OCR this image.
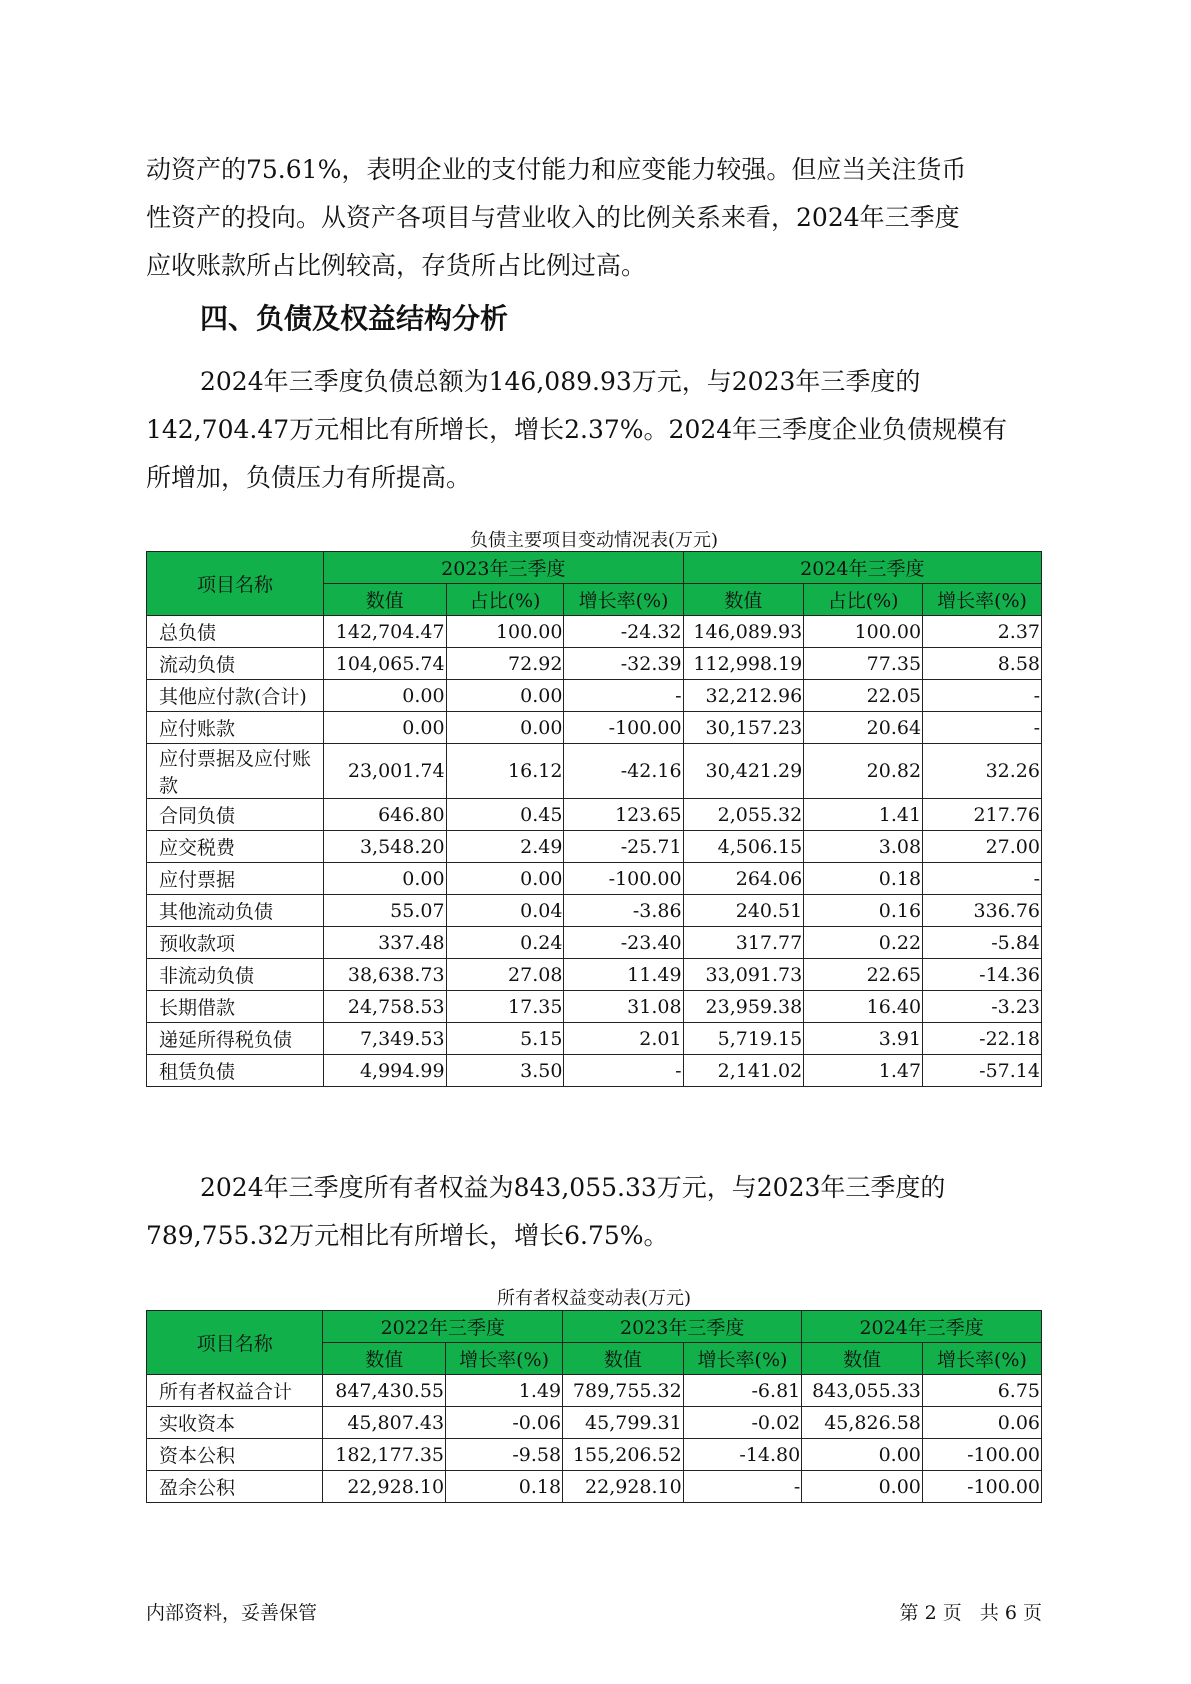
动资产的75.61%，表明企业的支付能力和应变能力较强。但应当关注货币
性资产的投向。从资产各项目与营业收入的比例关系来看，2024年三季度
应收账款所占比例较高，存货所占比例过高。
四、负债及权益结构分析
2024年三季度负债总额为146,089.93万元，与2023年三季度的
142,704.47万元相比有所增长，增长2.37%。2024年三季度企业负债规模有
所增加，负债压力有所提高。
负债主要项目变动情况表(万元)
项目名称	2023年三季度			2024年三季度		
	数值	占比(%)	增长率(%)	数值	占比(%)	增长率(%)
总负债	142,704.47	100.00	-24.32	146,089.93	100.00	2.37
流动负债	104,065.74	72.92	-32.39	112,998.19	77.35	8.58
其他应付款(合计)	0.00	0.00	-	32,212.96	22.05	-
应付账款	0.00	0.00	-100.00	30,157.23	20.64	-
应付票据及应付账款	23,001.74	16.12	-42.16	30,421.29	20.82	32.26
合同负债	646.80	0.45	123.65	2,055.32	1.41	217.76
应交税费	3,548.20	2.49	-25.71	4,506.15	3.08	27.00
应付票据	0.00	0.00	-100.00	264.06	0.18	-
其他流动负债	55.07	0.04	-3.86	240.51	0.16	336.76
预收款项	337.48	0.24	-23.40	317.77	0.22	-5.84
非流动负债	38,638.73	27.08	11.49	33,091.73	22.65	-14.36
长期借款	24,758.53	17.35	31.08	23,959.38	16.40	-3.23
递延所得税负债	7,349.53	5.15	2.01	5,719.15	3.91	-22.18
租赁负债	4,994.99	3.50	-	2,141.02	1.47	-57.14
2024年三季度所有者权益为843,055.33万元，与2023年三季度的
789,755.32万元相比有所增长，增长6.75%。
所有者权益变动表(万元)
项目名称	2022年三季度		2023年三季度		2024年三季度	
	数值	增长率(%)	数值	增长率(%)	数值	增长率(%)
所有者权益合计	847,430.55	1.49	789,755.32	-6.81	843,055.33	6.75
实收资本	45,807.43	-0.06	45,799.31	-0.02	45,826.58	0.06
资本公积	182,177.35	-9.58	155,206.52	-14.80	0.00	-100.00
盈余公积	22,928.10	0.18	22,928.10	-	0.00	-100.00
内部资料，妥善保管	第 2 页   共 6 页
